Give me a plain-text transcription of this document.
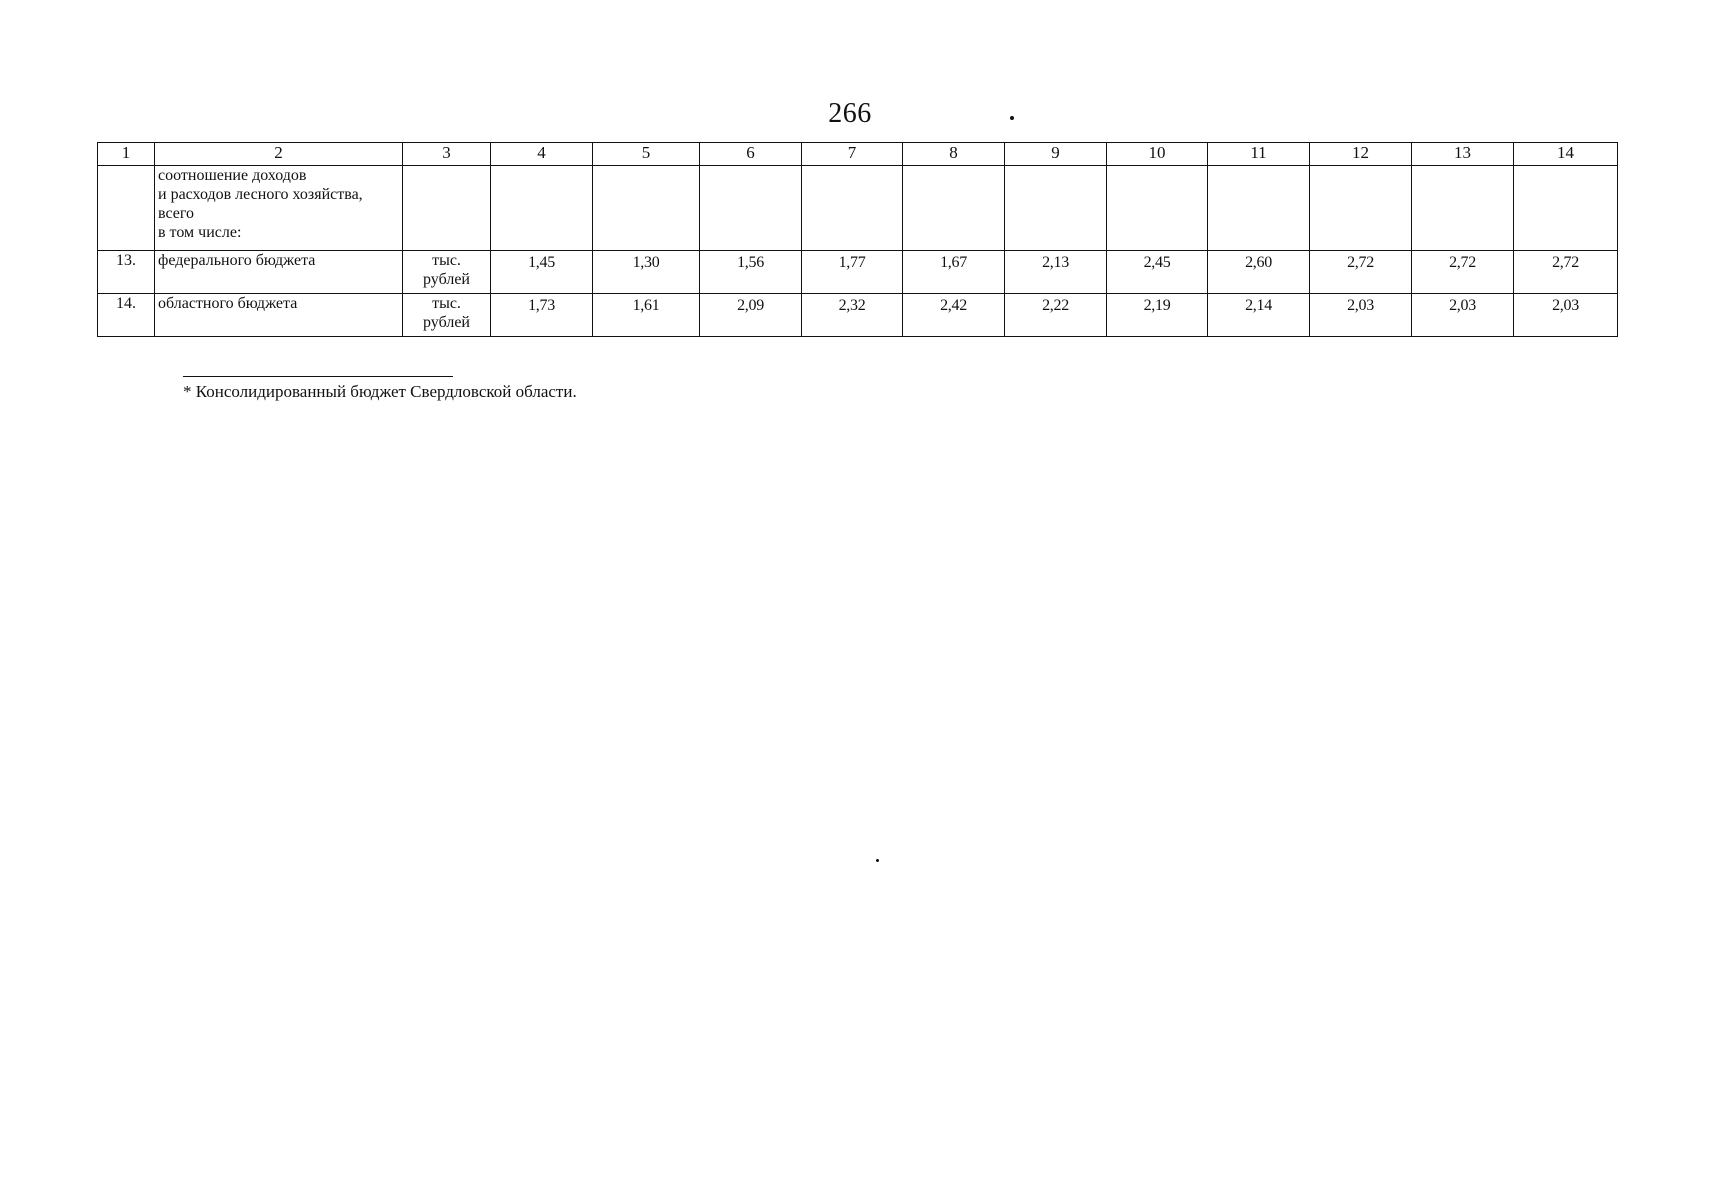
266
1	2	3	4	5	6	7	8	9	10	11	12	13	14
	соотношение доходов
и расходов лесного хозяйства,
всего
в том числе:												
13.	федерального бюджета	тыс.
рублей	1,45	1,30	1,56	1,77	1,67	2,13	2,45	2,60	2,72	2,72	2,72
14.	областного бюджета	тыс.
рублей	1,73	1,61	2,09	2,32	2,42	2,22	2,19	2,14	2,03	2,03	2,03
* Консолидированный бюджет Свердловской области.
